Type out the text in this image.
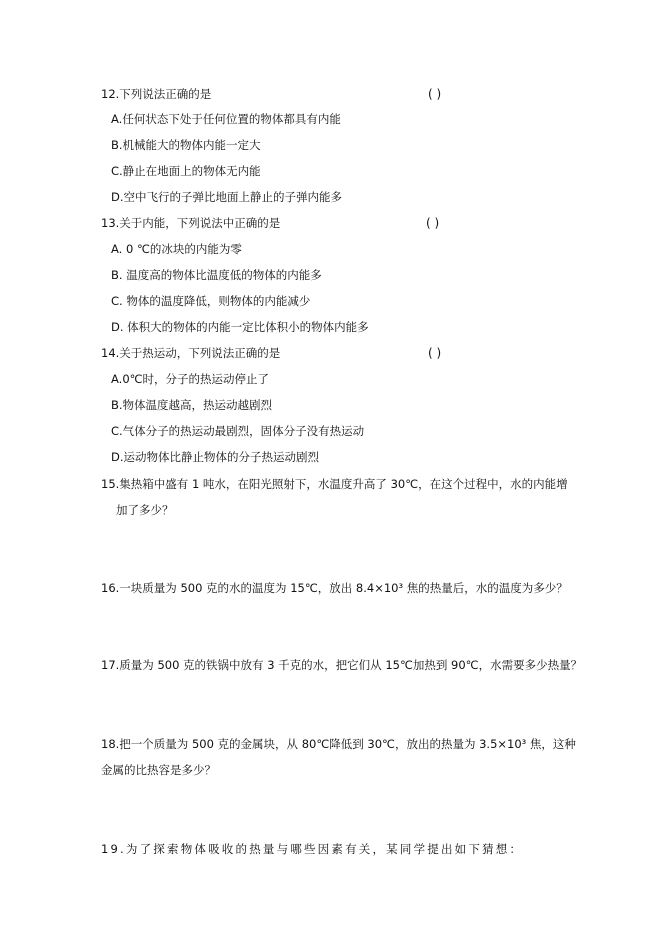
12.下列说法正确的是	( )
A.任何状态下处于任何位置的物体都具有内能
B.机械能大的物体内能一定大
C.静止在地面上的物体无内能
D.空中飞行的子弹比地面上静止的子弹内能多
13.关于内能，下列说法中正确的是	( )
A. 0 ℃的冰块的内能为零
B. 温度高的物体比温度低的物体的内能多
C. 物体的温度降低，则物体的内能减少
D. 体积大的物体的内能一定比体积小的物体内能多
14.关于热运动，下列说法正确的是	( )
A.0℃时，分子的热运动停止了
B.物体温度越高，热运动越剧烈
C.气体分子的热运动最剧烈，固体分子没有热运动
D.运动物体比静止物体的分子热运动剧烈
15.集热箱中盛有 1 吨水，在阳光照射下，水温度升高了 30℃，在这个过程中，水的内能增
加了多少？
16.一块质量为 500 克的水的温度为 15℃，放出 8.4×10³ 焦的热量后，水的温度为多少？
17.质量为 500 克的铁锅中放有 3 千克的水，把它们从 15℃加热到 90℃，水需要多少热量？
18.把一个质量为 500 克的金属块，从 80℃降低到 30℃，放出的热量为 3.5×10³ 焦，这种
金属的比热容是多少？
19.为了探索物体吸收的热量与哪些因素有关，某同学提出如下猜想：
